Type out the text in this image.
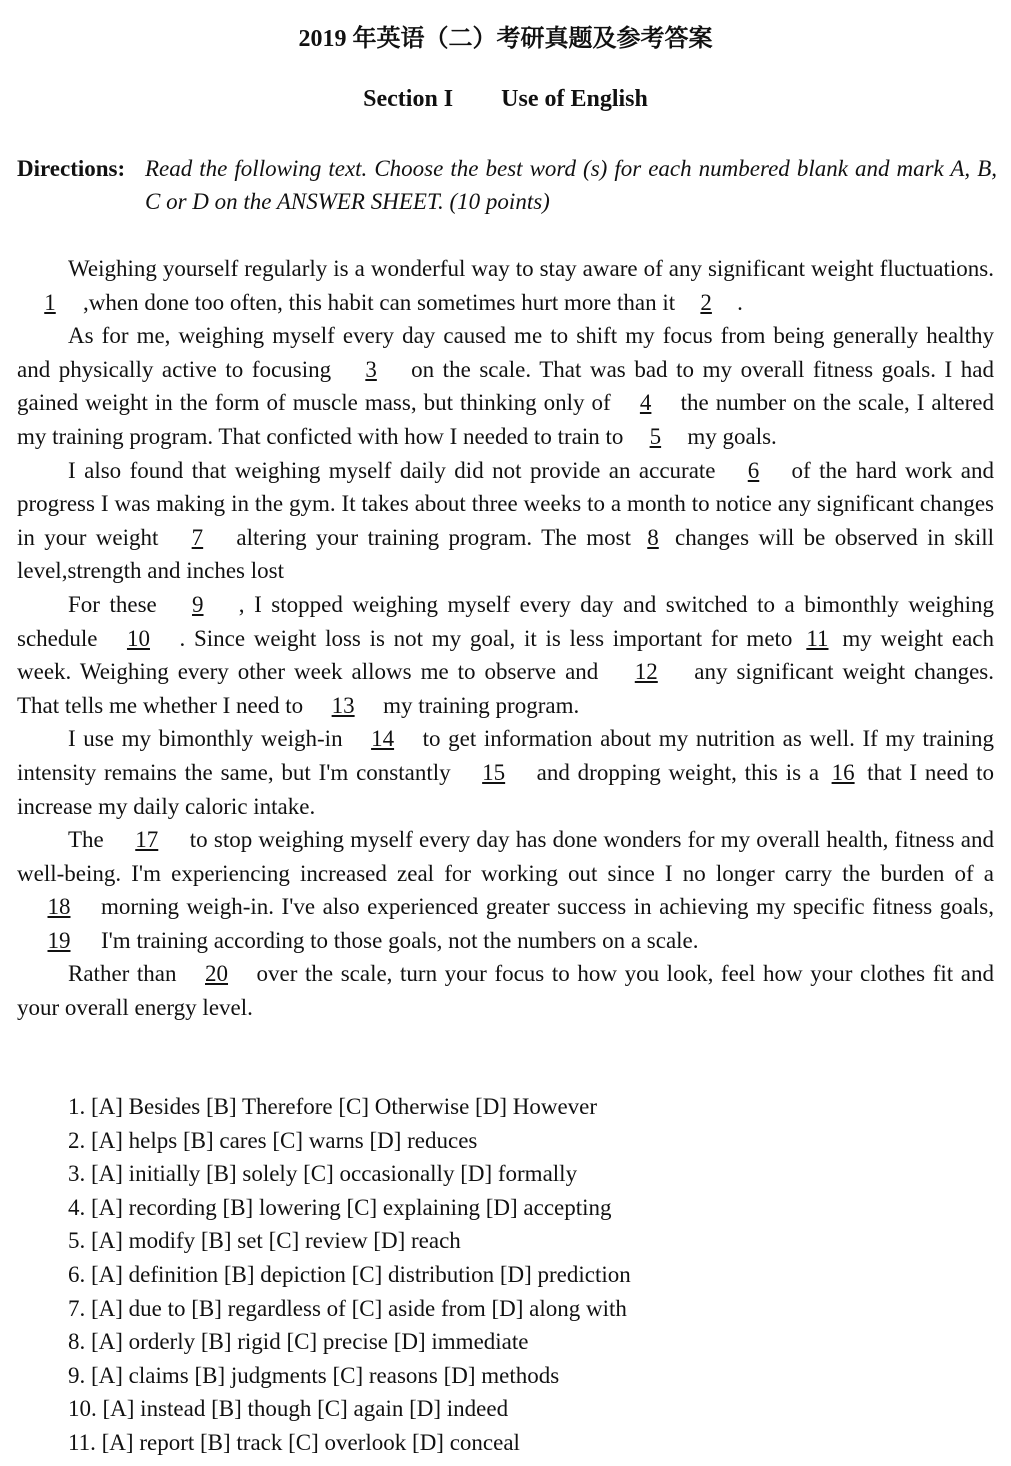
2019 年英语（二）考研真题及参考答案
Section I Use of English
Directions: Read the following text. Choose the best word (s) for each numbered blank and mark A, B, C or D on the ANSWER SHEET. (10 points)

Weighing yourself regularly is a wonderful way to stay aware of any significant weight fluctuations.1 ,when done too often, this habit can sometimes hurt more than it 2 .

As for me, weighing myself every day caused me to shift my focus from being generally healthy and physically active to focusing 3 on the scale. That was bad to my overall fitness goals. I had gained weight in the form of muscle mass, but thinking only of 4 the number on the scale, I altered my training program. That conficted with how I needed to train to 5 my goals.

I also found that weighing myself daily did not provide an accurate 6 of the hard work and progress I was making in the gym. It takes about three weeks to a month to notice any significant changes in your weight 7 altering your training program. The most 8 changes will be observed in skill level,strength and inches lost

For these 9 , I stopped weighing myself every day and switched to a bimonthly weighing schedule 10 . Since weight loss is not my goal, it is less important for meto 11 my weight each week. Weighing every other week allows me to observe and 12 any significant weight changes. That tells me whether I need to 13 my training program.

I use my bimonthly weigh-in 14 to get information about my nutrition as well. If my training intensity remains the same, but I'm constantly 15 and dropping weight, this is a 16 that I need to increase my daily caloric intake.

The 17 to stop weighing myself every day has done wonders for my overall health, fitness and well-being. I'm experiencing increased zeal for working out since I no longer carry the burden of a18 morning weigh-in. I've also experienced greater success in achieving my specific fitness goals,19 I'm training according to those goals, not the numbers on a scale.

Rather than 20 over the scale, turn your focus to how you look, feel how your clothes fit and your overall energy level.

1. [A] Besides [B] Therefore [C] Otherwise [D] However
2. [A] helps [B] cares [C] warns [D] reduces
3. [A] initially [B] solely [C] occasionally [D] formally
4. [A] recording [B] lowering [C] explaining [D] accepting
5. [A] modify [B] set [C] review [D] reach
6. [A] definition [B] depiction [C] distribution [D] prediction
7. [A] due to [B] regardless of [C] aside from [D] along with
8. [A] orderly [B] rigid [C] precise [D] immediate
9. [A] claims [B] judgments [C] reasons [D] methods
10. [A] instead [B] though [C] again [D] indeed
11. [A] report [B] track [C] overlook [D] conceal
